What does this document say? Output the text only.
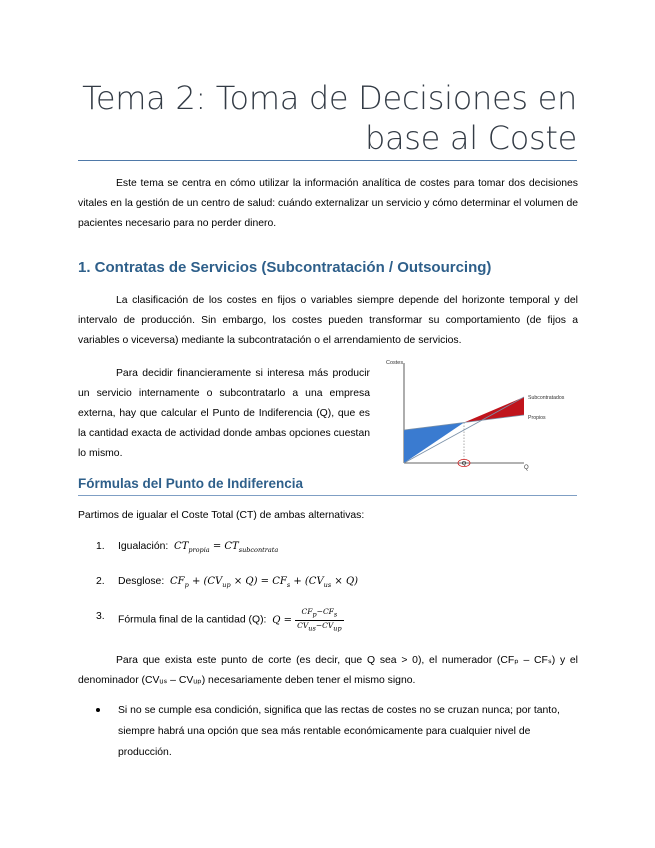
Tema 2: Toma de Decisiones en
base al Coste

Este tema se centra en cómo utilizar la información analítica de costes para tomar dos decisiones vitales en la gestión de un centro de salud: cuándo externalizar un servicio y cómo determinar el volumen de pacientes necesario para no perder dinero.

1. Contratas de Servicios (Subcontratación / Outsourcing)

La clasificación de los costes en fijos o variables siempre depende del horizonte temporal y del intervalo de producción. Sin embargo, los costes pueden transformar su comportamiento (de fijos a variables o viceversa) mediante la subcontratación o el arrendamiento de servicios.

Para decidir financieramente si interesa más producir un servicio internamente o subcontratarlo a una empresa externa, hay que calcular el Punto de Indiferencia (Q), que es la cantidad exacta de actividad donde ambas opciones cuestan lo mismo.

Costes
Q
Q
Subcontratados
Propios
Fórmulas del Punto de Indiferencia

Partimos de igualar el Coste Total (CT) de ambas alternativas:

1. Igualación: $CT_{propia} = CT_{subcontrata}$
2. Desglose: $CF_p + (CV_{up} \times Q) = CF_s + (CV_{us} \times Q)$
3. Fórmula final de la cantidad (Q): $Q = \frac{CF_p-CF_s}{CV_{us}-CV_{up}}$

Para que exista este punto de corte (es decir, que Q sea > 0), el numerador (CFₚ – CFₛ) y el denominador (CVᵤₛ – CVᵤₚ) necesariamente deben tener el mismo signo.

Si no se cumple esa condición, significa que las rectas de costes no se cruzan nunca; por tanto, siempre habrá una opción que sea más rentable económicamente para cualquier nivel de producción.
